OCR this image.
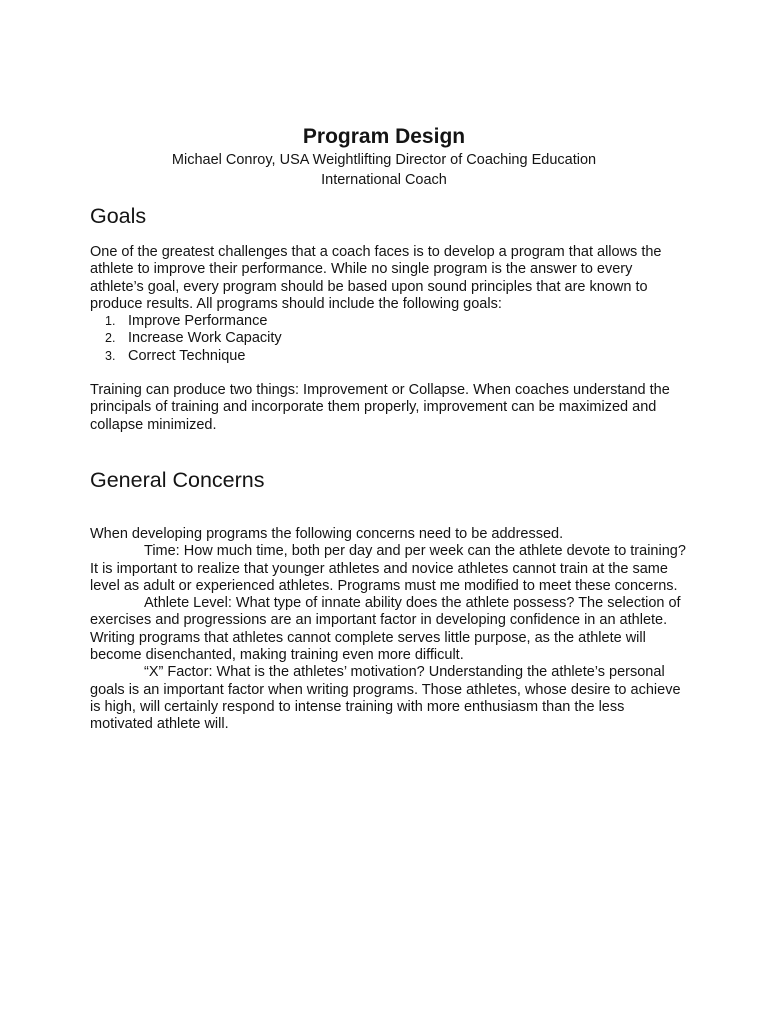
Program Design

Michael Conroy, USA Weightlifting Director of Coaching Education

International Coach

Goals

One of the greatest challenges that a coach faces is to develop a program that allows the athlete to improve their performance. While no single program is the answer to every athlete’s goal, every program should be based upon sound principles that are known to produce results. All programs should include the following goals:

1. Improve Performance
2. Increase Work Capacity
3. Correct Technique

Training can produce two things: Improvement or Collapse. When coaches understand the principals of training and incorporate them properly, improvement can be maximized and collapse minimized.

General Concerns

When developing programs the following concerns need to be addressed.

Time: How much time, both per day and per week can the athlete devote to training? It is important to realize that younger athletes and novice athletes cannot train at the same level as adult or experienced athletes. Programs must me modified to meet these concerns.

Athlete Level: What type of innate ability does the athlete possess? The selection of exercises and progressions are an important factor in developing confidence in an athlete. Writing programs that athletes cannot complete serves little purpose, as the athlete will become disenchanted, making training even more difficult.

“X” Factor: What is the athletes’ motivation? Understanding the athlete’s personal goals is an important factor when writing programs. Those athletes, whose desire to achieve is high, will certainly respond to intense training with more enthusiasm than the less motivated athlete will.
